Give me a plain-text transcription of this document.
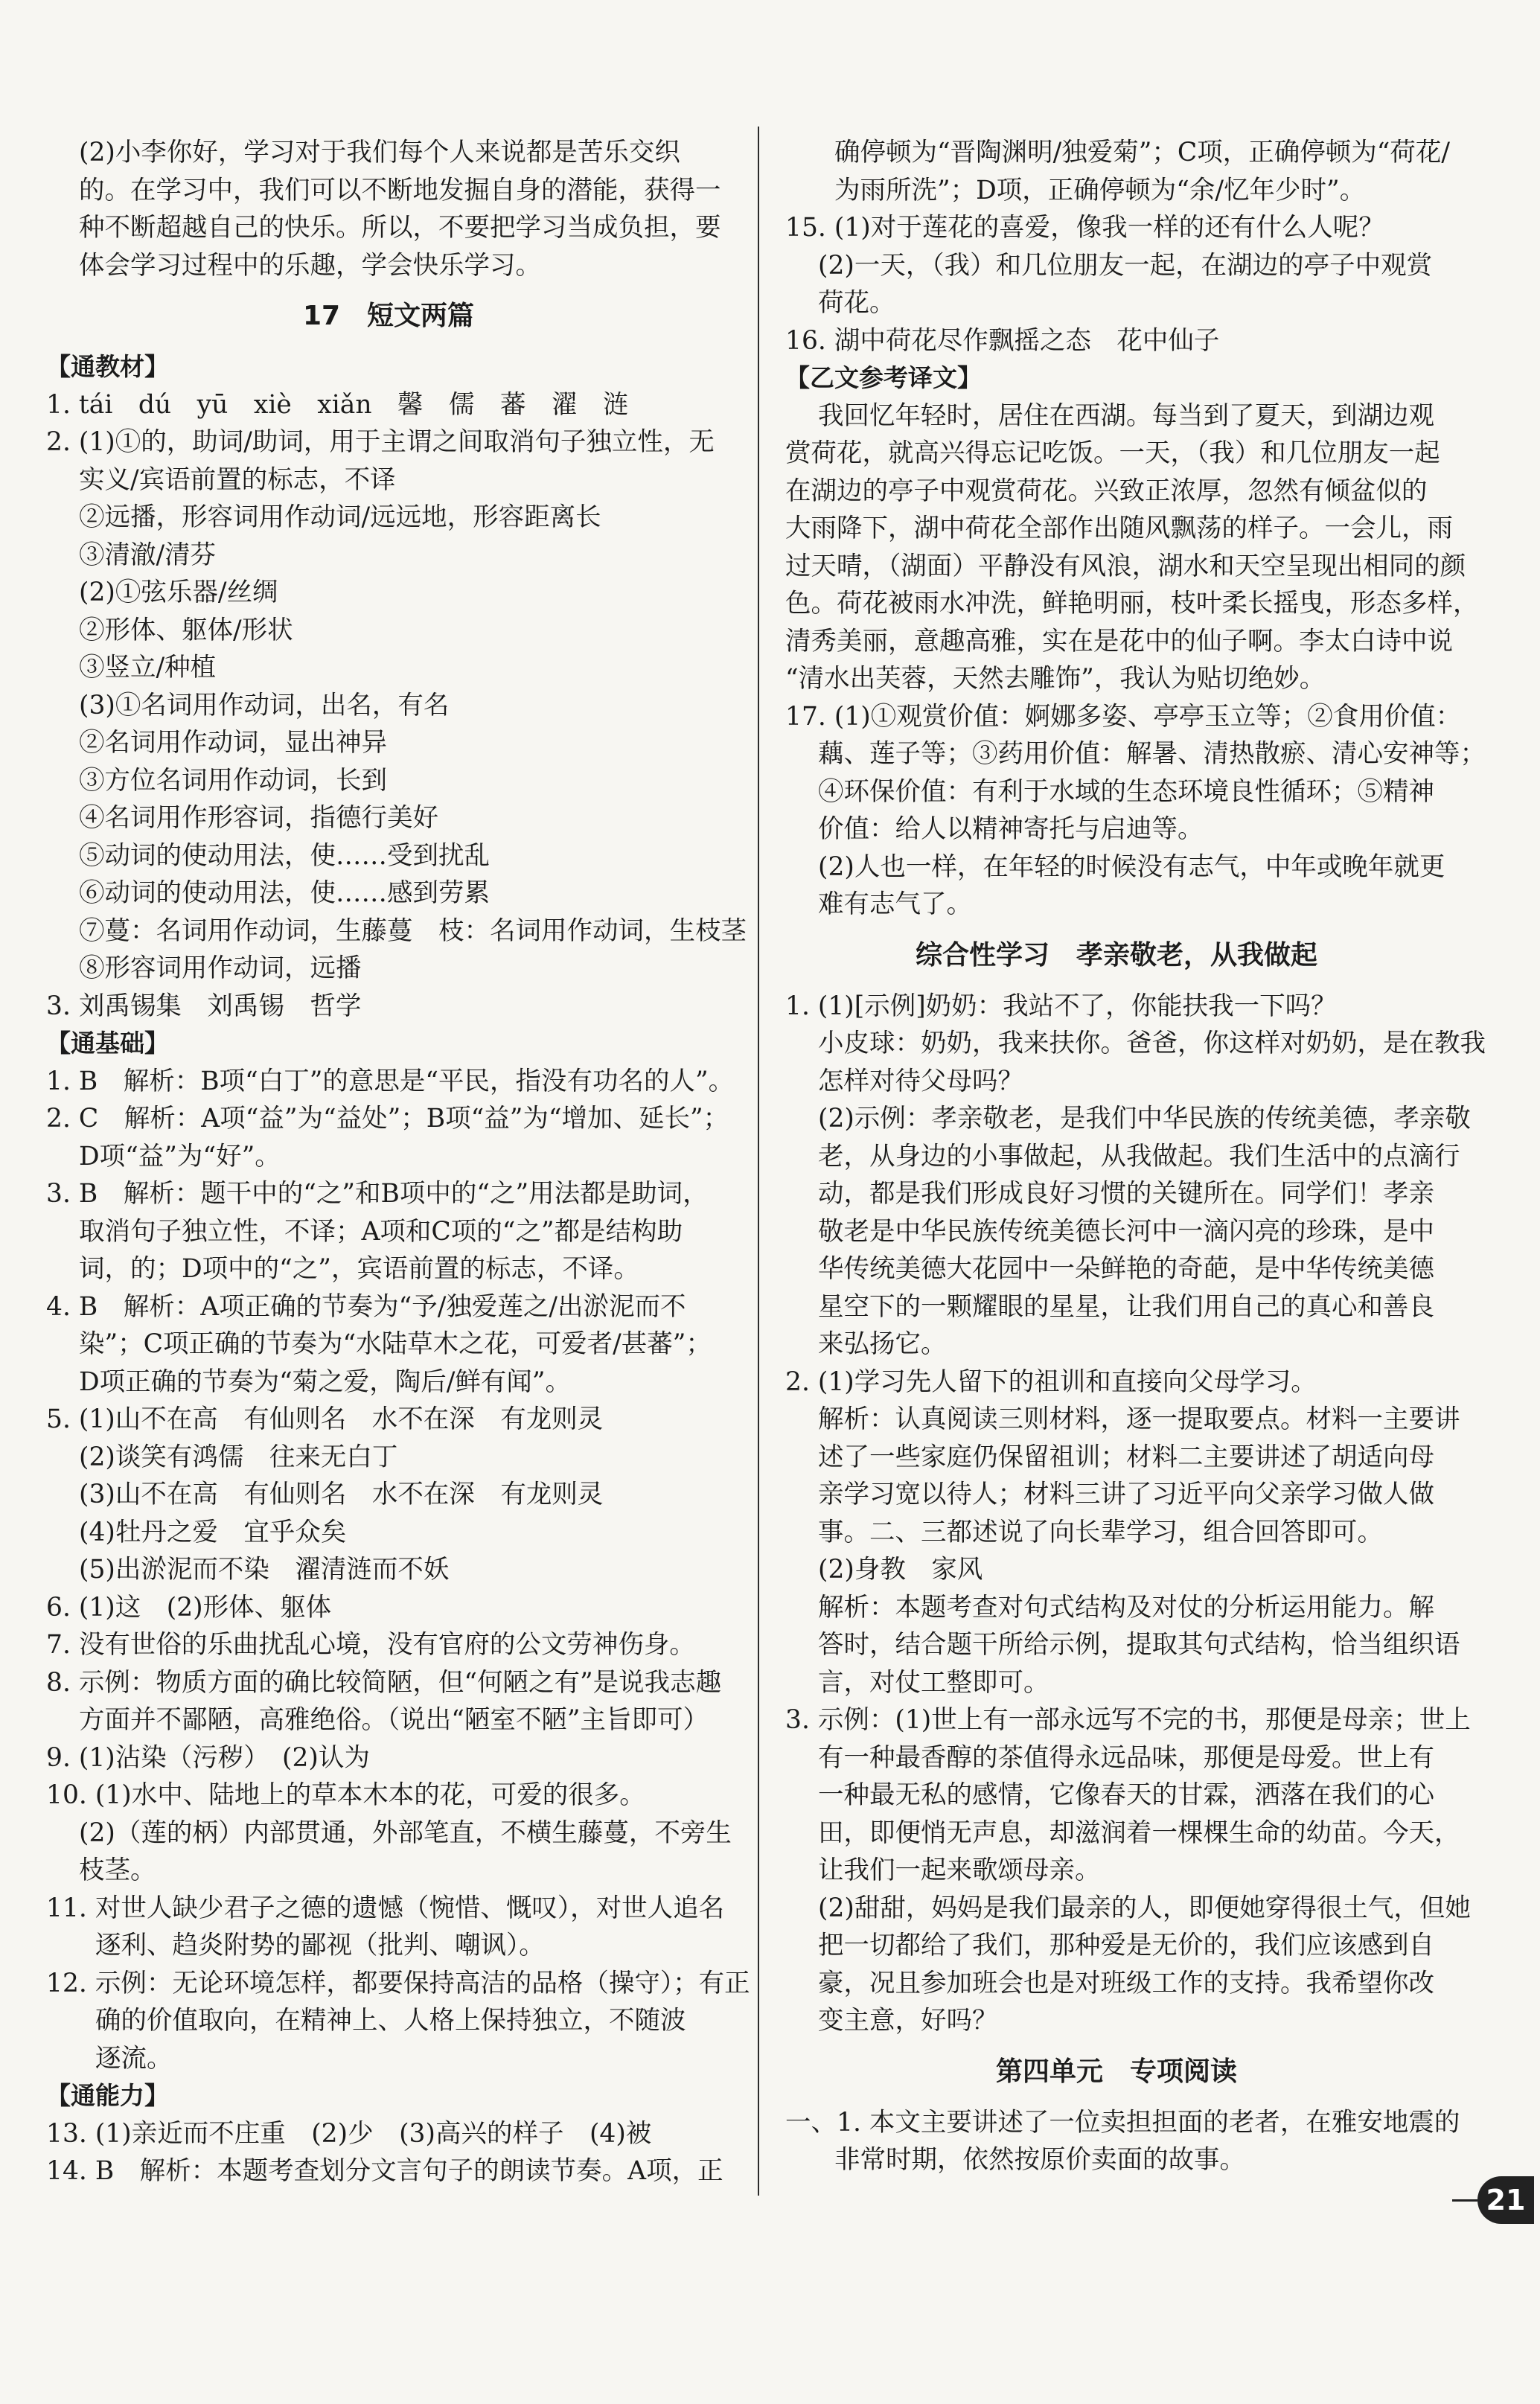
(2)小李你好，学习对于我们每个人来说都是苦乐交织
的。在学习中，我们可以不断地发掘自身的潜能，获得一
种不断超越自己的快乐。所以，不要把学习当成负担，要
体会学习过程中的乐趣，学会快乐学习。
17　短文两篇
【通教材】
1. tái　dú　yū　xiè　xiǎn　馨　儒　蕃　濯　涟
2. (1)①的，助词/助词，用于主谓之间取消句子独立性，无
实义/宾语前置的标志，不译
②远播，形容词用作动词/远远地，形容距离长
③清澈/清芬
(2)①弦乐器/丝绸
②形体、躯体/形状
③竖立/种植
(3)①名词用作动词，出名，有名
②名词用作动词，显出神异
③方位名词用作动词，长到
④名词用作形容词，指德行美好
⑤动词的使动用法，使……受到扰乱
⑥动词的使动用法，使……感到劳累
⑦蔓：名词用作动词，生藤蔓　枝：名词用作动词，生枝茎
⑧形容词用作动词，远播
3. 刘禹锡集　刘禹锡　哲学
【通基础】
1. B　解析：B项“白丁”的意思是“平民，指没有功名的人”。
2. C　解析：A项“益”为“益处”；B项“益”为“增加、延长”；
D项“益”为“好”。
3. B　解析：题干中的“之”和B项中的“之”用法都是助词，
取消句子独立性，不译；A项和C项的“之”都是结构助
词，的；D项中的“之”，宾语前置的标志，不译。
4. B　解析：A项正确的节奏为“予/独爱莲之/出淤泥而不
染”；C项正确的节奏为“水陆草木之花，可爱者/甚蕃”；
D项正确的节奏为“菊之爱，陶后/鲜有闻”。
5. (1)山不在高　有仙则名　水不在深　有龙则灵
(2)谈笑有鸿儒　往来无白丁
(3)山不在高　有仙则名　水不在深　有龙则灵
(4)牡丹之爱　宜乎众矣
(5)出淤泥而不染　濯清涟而不妖
6. (1)这　(2)形体、躯体
7. 没有世俗的乐曲扰乱心境，没有官府的公文劳神伤身。
8. 示例：物质方面的确比较简陋，但“何陋之有”是说我志趣
方面并不鄙陋，高雅绝俗。（说出“陋室不陋”主旨即可）
9. (1)沾染（污秽）　(2)认为
10. (1)水中、陆地上的草本木本的花，可爱的很多。
(2)（莲的柄）内部贯通，外部笔直，不横生藤蔓，不旁生
枝茎。
11. 对世人缺少君子之德的遗憾（惋惜、慨叹），对世人追名
逐利、趋炎附势的鄙视（批判、嘲讽）。
12. 示例：无论环境怎样，都要保持高洁的品格（操守）；有正
确的价值取向，在精神上、人格上保持独立，不随波
逐流。
【通能力】
13. (1)亲近而不庄重　(2)少　(3)高兴的样子　(4)被
14. B　解析：本题考查划分文言句子的朗读节奏。A项，正
确停顿为“晋陶渊明/独爱菊”；C项，正确停顿为“荷花/
为雨所洗”；D项，正确停顿为“余/忆年少时”。
15. (1)对于莲花的喜爱，像我一样的还有什么人呢？
(2)一天，（我）和几位朋友一起，在湖边的亭子中观赏
荷花。
16. 湖中荷花尽作飘摇之态　花中仙子
【乙文参考译文】
我回忆年轻时，居住在西湖。每当到了夏天，到湖边观
赏荷花，就高兴得忘记吃饭。一天，（我）和几位朋友一起
在湖边的亭子中观赏荷花。兴致正浓厚，忽然有倾盆似的
大雨降下，湖中荷花全部作出随风飘荡的样子。一会儿，雨
过天晴，（湖面）平静没有风浪，湖水和天空呈现出相同的颜
色。荷花被雨水冲洗，鲜艳明丽，枝叶柔长摇曳，形态多样，
清秀美丽，意趣高雅，实在是花中的仙子啊。李太白诗中说
“清水出芙蓉，天然去雕饰”，我认为贴切绝妙。
17. (1)①观赏价值：婀娜多姿、亭亭玉立等；②食用价值：
藕、莲子等；③药用价值：解暑、清热散瘀、清心安神等；
④环保价值：有利于水域的生态环境良性循环；⑤精神
价值：给人以精神寄托与启迪等。
(2)人也一样，在年轻的时候没有志气，中年或晚年就更
难有志气了。
综合性学习　孝亲敬老，从我做起
1. (1)[示例]奶奶：我站不了，你能扶我一下吗？
小皮球：奶奶，我来扶你。爸爸，你这样对奶奶，是在教我
怎样对待父母吗？
(2)示例：孝亲敬老，是我们中华民族的传统美德，孝亲敬
老，从身边的小事做起，从我做起。我们生活中的点滴行
动，都是我们形成良好习惯的关键所在。同学们！孝亲
敬老是中华民族传统美德长河中一滴闪亮的珍珠，是中
华传统美德大花园中一朵鲜艳的奇葩，是中华传统美德
星空下的一颗耀眼的星星，让我们用自己的真心和善良
来弘扬它。
2. (1)学习先人留下的祖训和直接向父母学习。
解析：认真阅读三则材料，逐一提取要点。材料一主要讲
述了一些家庭仍保留祖训；材料二主要讲述了胡适向母
亲学习宽以待人；材料三讲了习近平向父亲学习做人做
事。二、三都述说了向长辈学习，组合回答即可。
(2)身教　家风
解析：本题考查对句式结构及对仗的分析运用能力。解
答时，结合题干所给示例，提取其句式结构，恰当组织语
言，对仗工整即可。
3. 示例：(1)世上有一部永远写不完的书，那便是母亲；世上
有一种最香醇的茶值得永远品味，那便是母爱。世上有
一种最无私的感情，它像春天的甘霖，洒落在我们的心
田，即便悄无声息，却滋润着一棵棵生命的幼苗。今天，
让我们一起来歌颂母亲。
(2)甜甜，妈妈是我们最亲的人，即便她穿得很土气，但她
把一切都给了我们，那种爱是无价的，我们应该感到自
豪，况且参加班会也是对班级工作的支持。我希望你改
变主意，好吗？
第四单元　专项阅读
一、1. 本文主要讲述了一位卖担担面的老者，在雅安地震的
非常时期，依然按原价卖面的故事。
21
